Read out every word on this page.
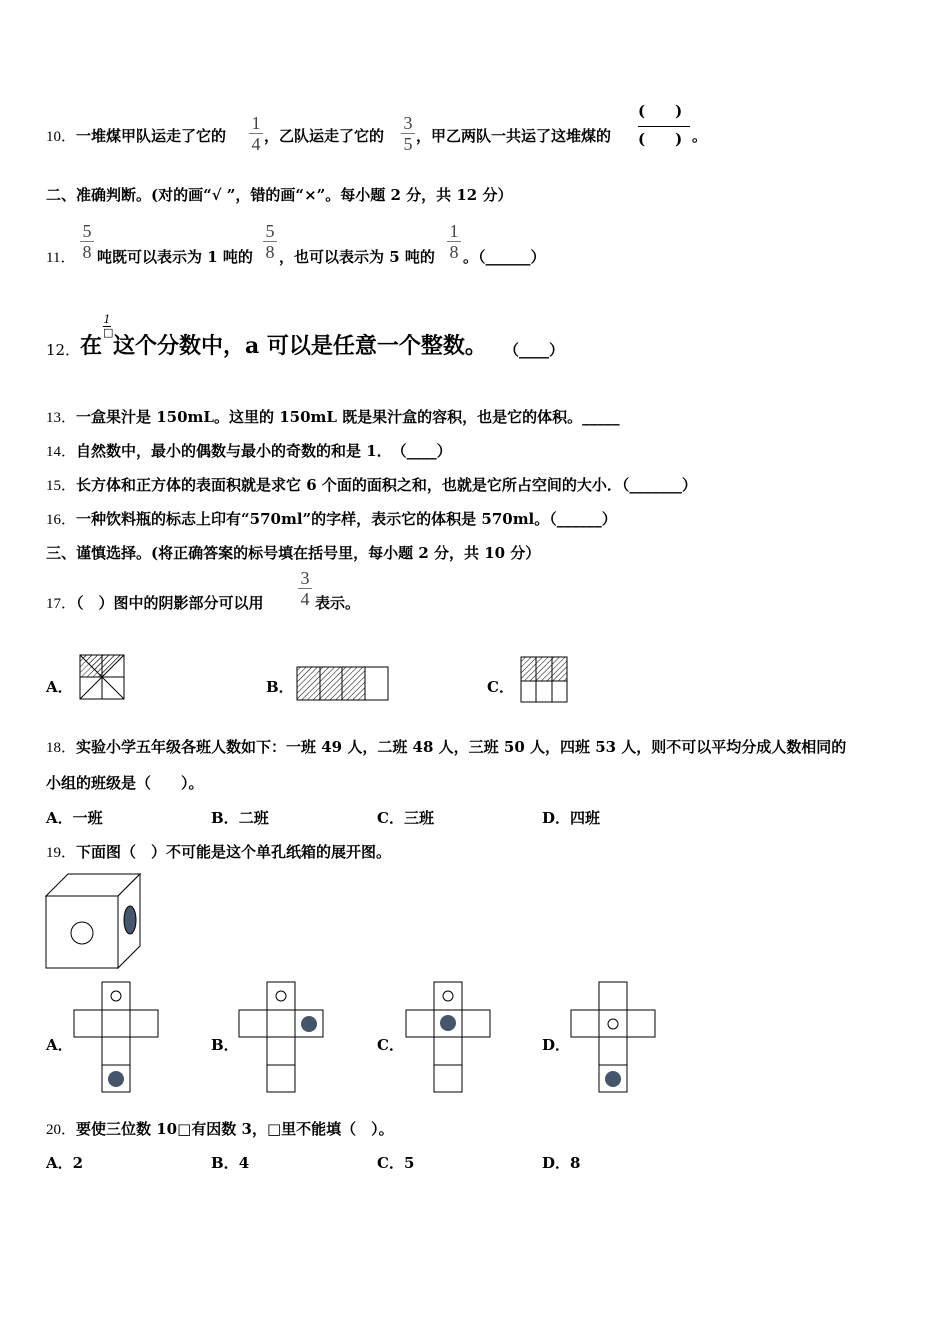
10．一堆煤甲队运走了它的
1
4 ，乙队运走了它的
3
5 ，甲乙两队一共运了这堆煤的
(　　)
(　　) 。
二、准确判断。(对的画“√ ”，错的画“×”。每小题 2 分，共 12 分）
11．
5
8 吨既可以表示为 1 吨的
5
8 ，也可以表示为 5 吨的
1
8 。（______）
12． 在
1
□
这个分数中，a 可以是任意一个整数。 （____）
13．一盒果汁是 150mL。这里的 150mL 既是果汁盒的容积，也是它的体积。_____
14．自然数中，最小的偶数与最小的奇数的和是 1．　（____）
15．长方体和正方体的表面积就是求它 6 个面的面积之和，也就是它所占空间的大小．（_______）
16．一种饮料瓶的标志上印有“570ml”的字样，表示它的体积是 570ml。（______）
三、谨慎选择。(将正确答案的标号填在括号里，每小题 2 分，共 10 分）
17．（　）图中的阴影部分可以用
3
4 表示。
A．	B．	C．
18．实验小学五年级各班人数如下：一班 49 人，二班 48 人，三班 50 人，四班 53 人，则不可以平均分成人数相同的
小组的班级是（　　）。
A．一班	B．二班	C．三班	D．四班
19．下面图（　）不可能是这个单孔纸箱的展开图。
A．	B．	C．	D．
20．要使三位数 10□有因数 3，□里不能填（　）。
A．2	B．4	C．5	D．8
